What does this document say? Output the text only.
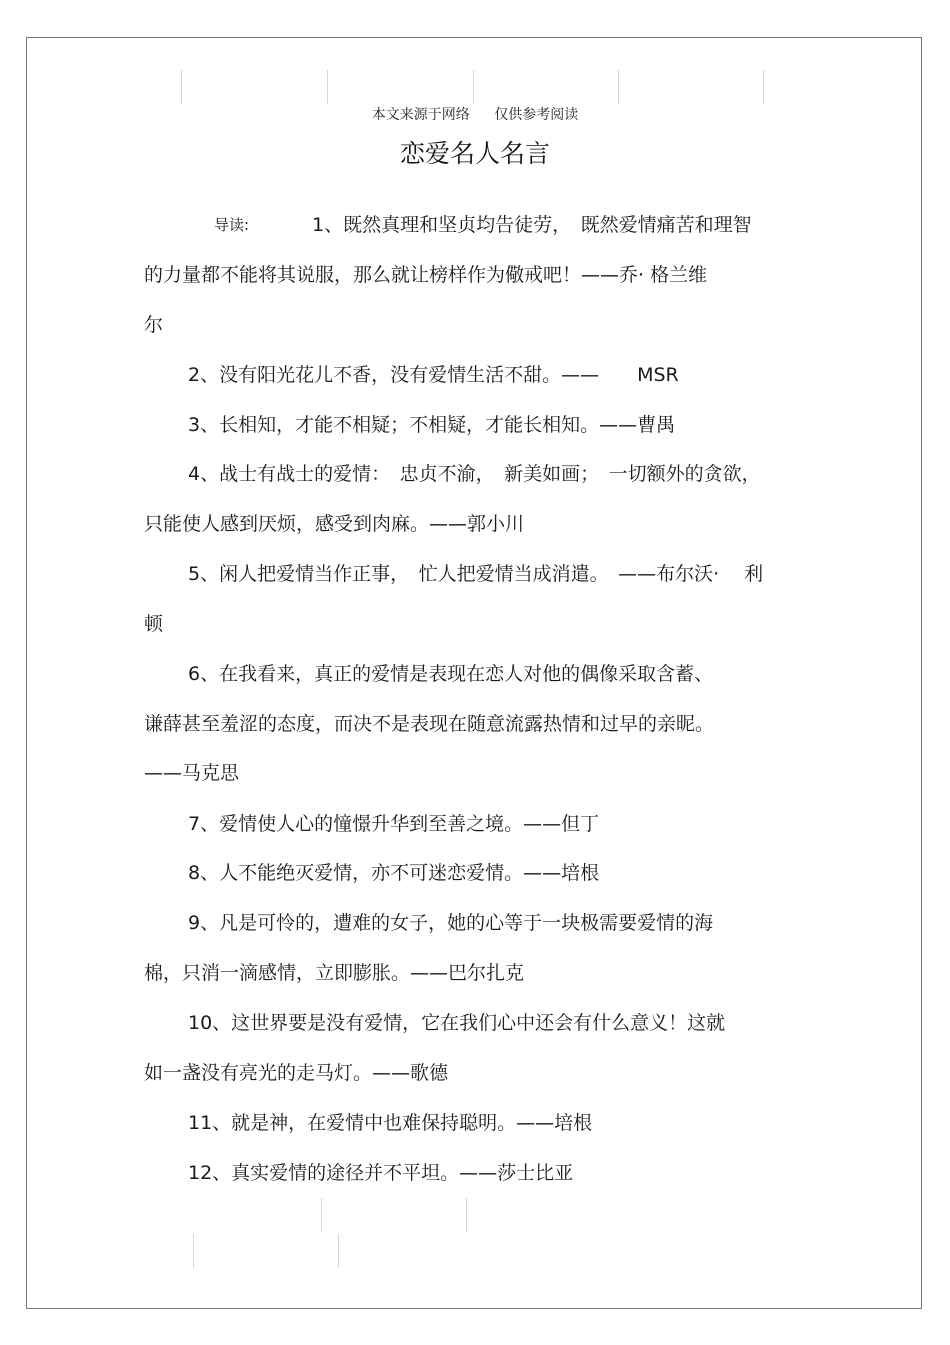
本文来源于网络 仅供参考阅读
恋爱名人名言
导读:	1、既然真理和坚贞均告徒劳，　既然爱情痛苦和理智
的力量都不能将其说服，那么就让榜样作为儆戒吧！——乔· 格兰维
尔
2、没有阳光花儿不香，没有爱情生活不甜。——　　MSR
3、长相知，才能不相疑；不相疑，才能长相知。——曹禺
4、战士有战士的爱情：　忠贞不渝，　新美如画；　一切额外的贪欲，
只能使人感到厌烦，感受到肉麻。——郭小川
5、闲人把爱情当作正事，　忙人把爱情当成消遣。　——布尔沃· 　利
顿
6、在我看来，真正的爱情是表现在恋人对他的偶像采取含蓄、
谦薛甚至羞涩的态度，而决不是表现在随意流露热情和过早的亲昵。
——马克思
7、爱情使人心的憧憬升华到至善之境。——但丁
8、人不能绝灭爱情，亦不可迷恋爱情。——培根
9、凡是可怜的，遭难的女子，她的心等于一块极需要爱情的海
棉，只消一滴感情，立即膨胀。——巴尔扎克
10、这世界要是没有爱情，它在我们心中还会有什么意义！这就
如一盏没有亮光的走马灯。——歌德
11、就是神，在爱情中也难保持聪明。——培根
12、真实爱情的途径并不平坦。——莎士比亚
